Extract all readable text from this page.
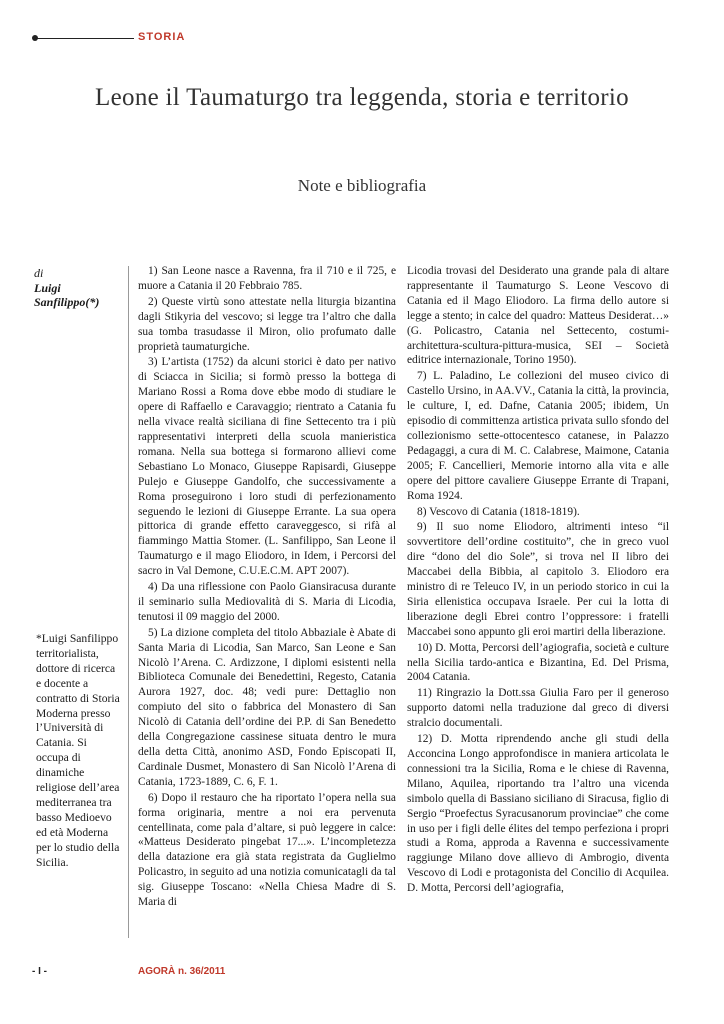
STORIA
Leone il Taumaturgo tra leggenda, storia e territorio
Note e bibliografia
di
Luigi Sanfilippo(*)
*Luigi Sanfilippo territorialista, dottore di ricerca e docente a contratto di Storia Moderna presso l’Università di Catania. Si occupa di dinamiche religiose dell’area mediterranea tra basso Medioevo ed età Moderna per lo studio della Sicilia.

1) San Leone nasce a Ravenna, fra il 710 e il 725, e muore a Catania il 20 Febbraio 785.

2) Queste virtù sono attestate nella liturgia bizantina dagli Stikyria del vescovo; si legge tra l’altro che dalla sua tomba trasudasse il Miron, olio profumato dalle proprietà taumaturgiche.

3) L’artista (1752) da alcuni storici è dato per nativo di Sciacca in Sicilia; si formò presso la bottega di Mariano Rossi a Roma dove ebbe modo di studiare le opere di Raffaello e Caravaggio; rientrato a Catania fu nella vivace realtà siciliana di fine Settecento tra i più rappresentativi interpreti della scuola manieristica romana. Nella sua bottega si formarono allievi come Sebastiano Lo Monaco, Giuseppe Rapisardi, Giuseppe Pulejo e Giuseppe Gandolfo, che successivamente a Roma proseguirono i loro studi di perfezionamento seguendo le lezioni di Giuseppe Errante. La sua opera pittorica di grande effetto caraveggesco, si rifà al fiammingo Mattia Stomer. (L. Sanfilippo, San Leone il Taumaturgo e il mago Eliodoro, in Idem, i Percorsi del sacro in Val Demone, C.U.E.C.M. APT 2007).

4) Da una riflessione con Paolo Giansiracusa durante il seminario sulla Mediovalità di S. Maria di Licodia, tenutosi il 09 maggio del 2000.

5) La dizione completa del titolo Abbaziale è Abate di Santa Maria di Licodia, San Marco, San Leone e San Nicolò l’Arena. C. Ardizzone, I diplomi esistenti nella Biblioteca Comunale dei Benedettini, Regesto, Catania Aurora 1927, doc. 48; vedi pure: Dettaglio non compiuto del sito o fabbrica del Monastero di San Nicolò di Catania dell’ordine dei P.P. di San Benedetto della Congregazione cassinese situata dentro le mura della detta Città, anonimo ASD, Fondo Episcopati II, Cardinale Dusmet, Monastero di San Nicolò l’Arena di Catania, 1723-1889, C. 6, F. 1.

6) Dopo il restauro che ha riportato l’opera nella sua forma originaria, mentre a noi era pervenuta centellinata, come pala d’altare, si può leggere in calce: «Matteus Desiderato pingebat 17...». L’incompletezza della datazione era già stata registrata da Guglielmo Policastro, in seguito ad una notizia comunicatagli da tal sig. Giuseppe Toscano: «Nella Chiesa Madre di S. Maria di

Licodia trovasi del Desiderato una grande pala di altare rappresentante il Taumaturgo S. Leone Vescovo di Catania ed il Mago Eliodoro. La firma dello autore si legge a stento; in calce del quadro: Matteus Desiderat…» (G. Policastro, Catania nel Settecento, costumi-architettura-scultura-pittura-musica, SEI – Società editrice internazionale, Torino 1950).

7) L. Paladino, Le collezioni del museo civico di Castello Ursino, in AA.VV., Catania la città, la provincia, le culture, I, ed. Dafne, Catania 2005; ibidem, Un episodio di committenza artistica privata sullo sfondo del collezionismo sette-ottocentesco catanese, in Palazzo Pedagaggi, a cura di M. C. Calabrese, Maimone, Catania 2005; F. Cancellieri, Memorie intorno alla vita e alle opere del pittore cavaliere Giuseppe Errante di Trapani, Roma 1924.

8) Vescovo di Catania (1818-1819).

9) Il suo nome Eliodoro, altrimenti inteso “il sovvertitore dell’ordine costituito”, che in greco vuol dire “dono del dio Sole”, si trova nel II libro dei Maccabei della Bibbia, al capitolo 3. Eliodoro era ministro di re Teleuco IV, in un periodo storico in cui la Siria ellenistica occupava Israele. Per cui la lotta di liberazione degli Ebrei contro l’oppressore: i fratelli Maccabei sono appunto gli eroi martiri della liberazione.

10) D. Motta, Percorsi dell’agiografia, società e culture nella Sicilia tardo-antica e Bizantina, Ed. Del Prisma, 2004 Catania.

11) Ringrazio la Dott.ssa Giulia Faro per il generoso supporto datomi nella traduzione dal greco di diversi stralcio documentali.

12) D. Motta riprendendo anche gli studi della Acconcina Longo approfondisce in maniera articolata le connessioni tra la Sicilia, Roma e le chiese di Ravenna, Milano, Aquilea, riportando tra l’altro una vicenda simbolo quella di Bassiano siciliano di Siracusa, figlio di Sergio “Proefectus Syracusanorum provinciae” che come in uso per i figli delle élites del tempo perfeziona i propri studi a Roma, approda a Ravenna e successivamente raggiunge Milano dove allievo di Ambrogio, diventa Vescovo di Lodi e protagonista del Concilio di Acquilea. D. Motta, Percorsi dell’agiografia,

- I -	AGORÀ n. 36/2011
